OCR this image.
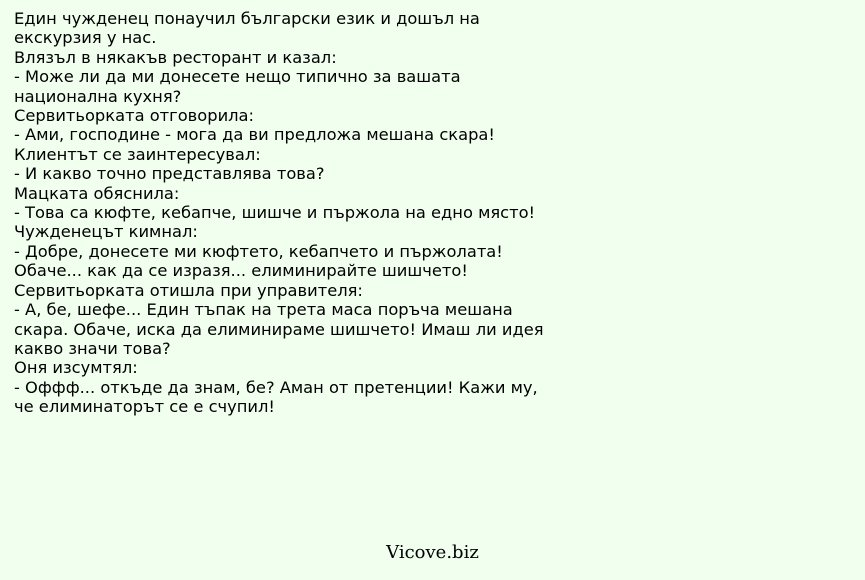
Един чужденец понаучил български език и дошъл на
екскурзия у нас.
Влязъл в някакъв ресторант и казал:
- Може ли да ми донесете нещо типично за вашата
национална кухня?
Сервитьорката отговорила:
- Ами, господине - мога да ви предложа мешана скара!
Клиентът се заинтересувал:
- И какво точно представлява това?
Мацката обяснила:
- Това са кюфте, кебапче, шишче и пържола на едно място!
Чужденецът кимнал:
- Добре, донесете ми кюфтето, кебапчето и пържолата!
Обаче... как да се изразя... елиминирайте шишчето!
Сервитьорката отишла при управителя:
- А, бе, шефе... Един тъпак на трета маса поръча мешана
скара. Обаче, иска да елиминираме шишчето! Имаш ли идея
какво значи това?
Оня изсумтял:
- Оффф... откъде да знам, бе? Аман от претенции! Кажи му,
че елиминаторът се е счупил!
Vicove.biz
